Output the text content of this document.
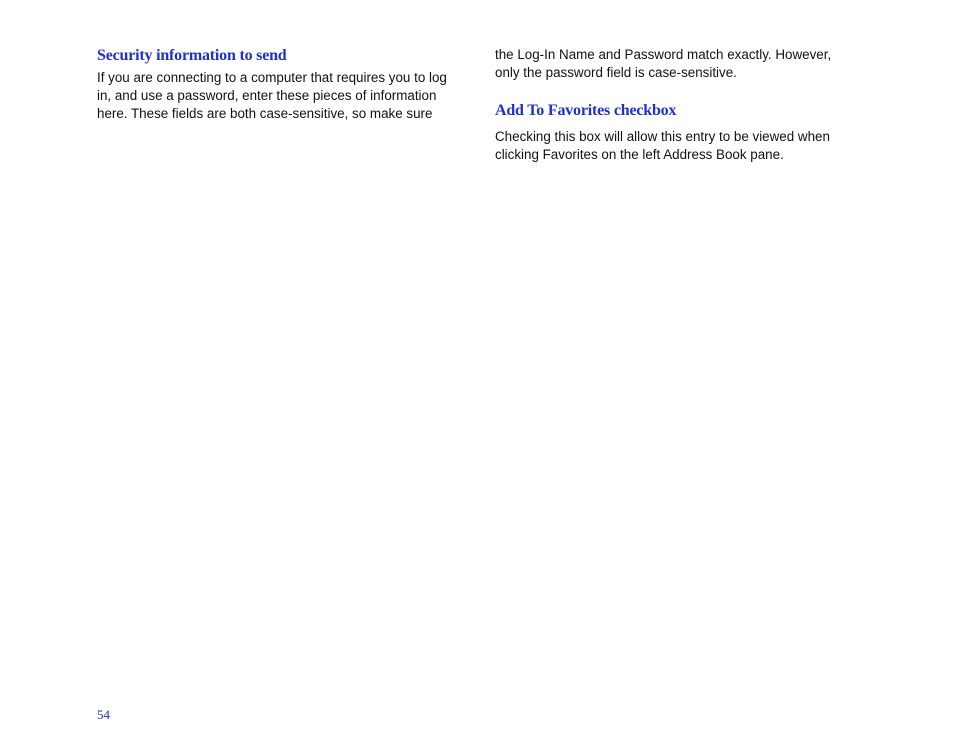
Security information to send

If you are connecting to a computer that requires you to log
in, and use a password, enter these pieces of information
here. These fields are both case-sensitive, so make sure

the Log-In Name and Password match exactly. However,
only the password field is case-sensitive.

Add To Favorites checkbox

Checking this box will allow this entry to be viewed when
clicking Favorites on the left Address Book pane.

54
